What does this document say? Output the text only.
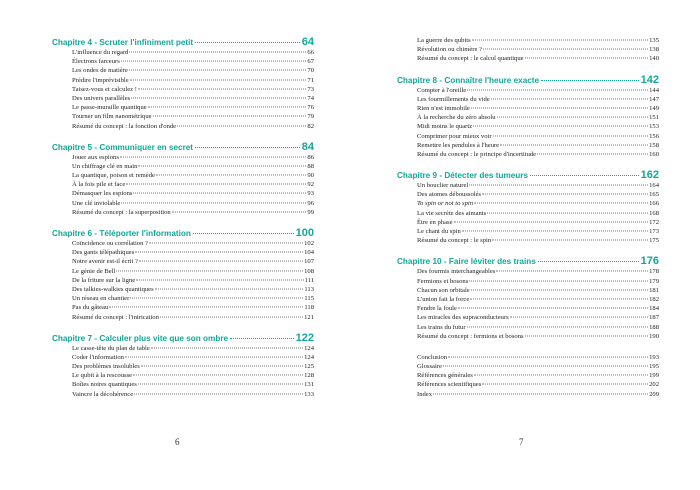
Chapitre 4 - Scruter l'infiniment petit	64
L'influence du regard	66
Électrons farceurs	67
Les ondes de matière	70
Prédire l'imprévisible	71
Taisez-vous et calculez !	73
Des univers parallèles	74
Le passe-muraille quantique	76
Tourner un film nanométrique	79
Résumé du concept : la fonction d'onde	82
Chapitre 5 - Communiquer en secret	84
Jouer aux espions	86
Un chiffrage clé en main	88
La quantique, poison et remède	90
À la fois pile et face	92
Démasquer les espions	93
Une clé inviolable	96
Résumé du concept : la superposition	99
Chapitre 6 - Téléporter l'information	100
Coïncidence ou corrélation ?	102
Des gants télépathiques	104
Notre avenir est-il écrit ?	107
Le génie de Bell	108
De la friture sur la ligne	111
Des talkies-walkies quantiques	113
Un réseau en chantier	115
Pas du gâteau	118
Résumé du concept : l'intrication	121
Chapitre 7 - Calculer plus vite que son ombre	122
Le casse-tête du plan de table	124
Coder l'information	124
Des problèmes insolubles	125
Le qubit à la rescousse	128
Boîtes noires quantiques	131
Vaincre la décohérence	133
La guerre des qubits	135
Révolution ou chimère ?	138
Résumé du concept : le calcul quantique	140
Chapitre 8 - Connaître l'heure exacte	142
Compter à l'oreille	144
Les fourmillements du vide	147
Rien n'est immobile	149
À la recherche du zéro absolu	151
Midi moins le quartz	153
Comprimer pour mieux voir	156
Remettre les pendules à l'heure	158
Résumé du concept : le principe d'incertitude	160
Chapitre 9 - Détecter des tumeurs	162
Un bouclier naturel	164
Des atomes déboussolés	165
To spin or not to spin	166
La vie secrète des aimants	168
Être en phase	172
Le chant du spin	173
Résumé du concept : le spin	175
Chapitre 10 - Faire léviter des trains	176
Des fourmis interchangeables	178
Fermions et bosons	179
Chacun son orbitale	181
L'union fait la force	182
Fendre la foule	184
Les miracles des supraconducteurs	187
Les trains du futur	188
Résumé du concept : fermions et bosons	190
Conclusion	193
Glossaire	195
Références générales	199
Références scientifiques	202
Index	209
6	7
